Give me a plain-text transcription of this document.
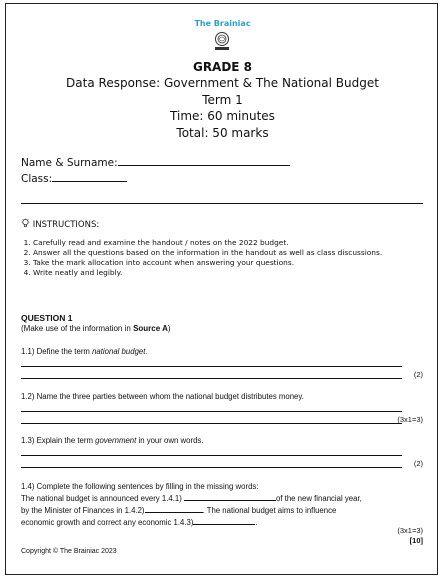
The Brainiac
GRADE 8
Data Response: Government & The National Budget
Term 1
Time: 60 minutes
Total: 50 marks
Name & Surname:
Class:
INSTRUCTIONS:
1. Carefully read and examine the handout / notes on the 2022 budget.
2. Answer all the questions based on the information in the handout as well as class discussions.
3. Take the mark allocation into account when answering your questions.
4. Write neatly and legibly.
QUESTION 1
(Make use of the information in Source A)
1.1) Define the term national budget.
(2)
1.2) Name the three parties between whom the national budget distributes money.
(3x1=3)
1.3) Explain the term government in your own words.
(2)
1.4) Complete the following sentences by filling in the missing words:
The national budget is announced every 1.4.1)	of the new financial year,
by the Minister of Finances in 1.4.2)	. The national budget aims to influence
economic growth and correct any economic 1.4.3)	.
(3x1=3)
[10]
Copyright © The Brainiac 2023
